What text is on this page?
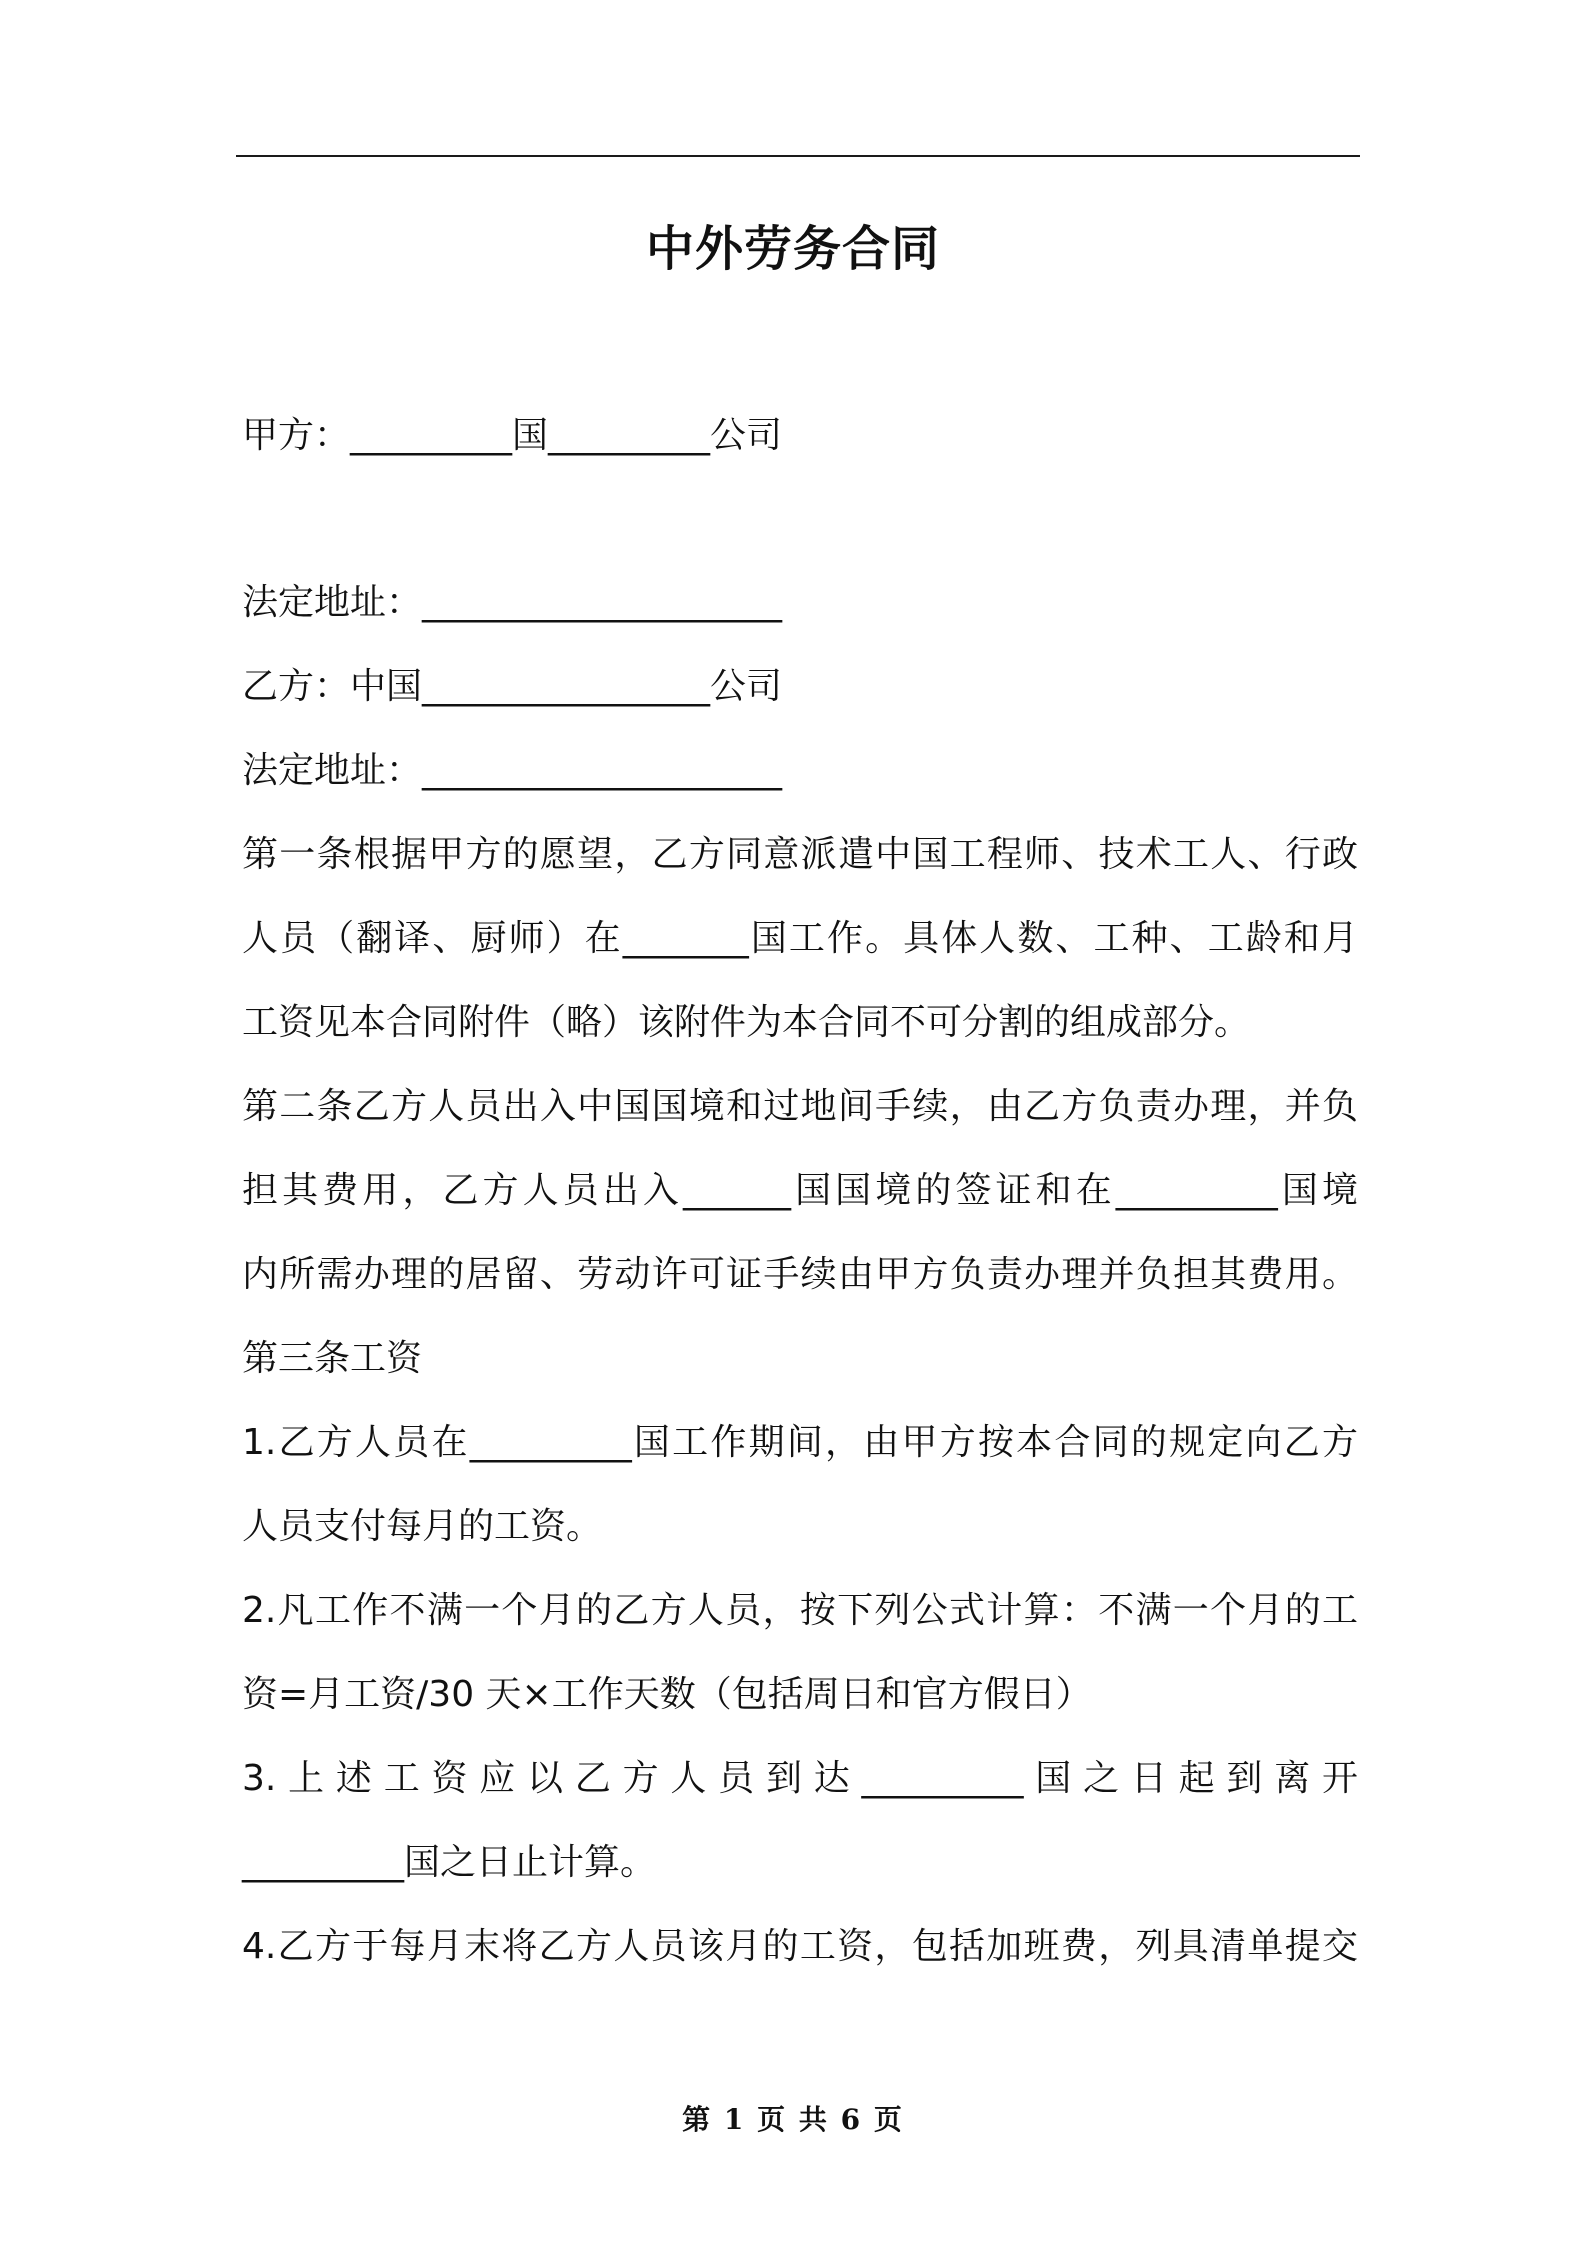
中外劳务合同
甲方：_________国_________公司
法定地址：____________________
乙方：中国________________公司
法定地址：____________________
第一条根据甲方的愿望，乙方同意派遣中国工程师、技术工人、行政
人员（翻译、厨师）在_______国工作。具体人数、工种、工龄和月
工资见本合同附件（略）该附件为本合同不可分割的组成部分。
第二条乙方人员出入中国国境和过地间手续，由乙方负责办理，并负
担其费用，乙方人员出入______国国境的签证和在_________国境
内所需办理的居留、劳动许可证手续由甲方负责办理并负担其费用。
第三条工资
1.乙方人员在_________国工作期间，由甲方按本合同的规定向乙方
人员支付每月的工资。
2.凡工作不满一个月的乙方人员，按下列公式计算：不满一个月的工
资=月工资/30 天×工作天数（包括周日和官方假日）
3.上述工资应以乙方人员到达_________国之日起到离开
_________国之日止计算。
4.乙方于每月末将乙方人员该月的工资，包括加班费，列具清单提交
第 1 页 共 6 页
